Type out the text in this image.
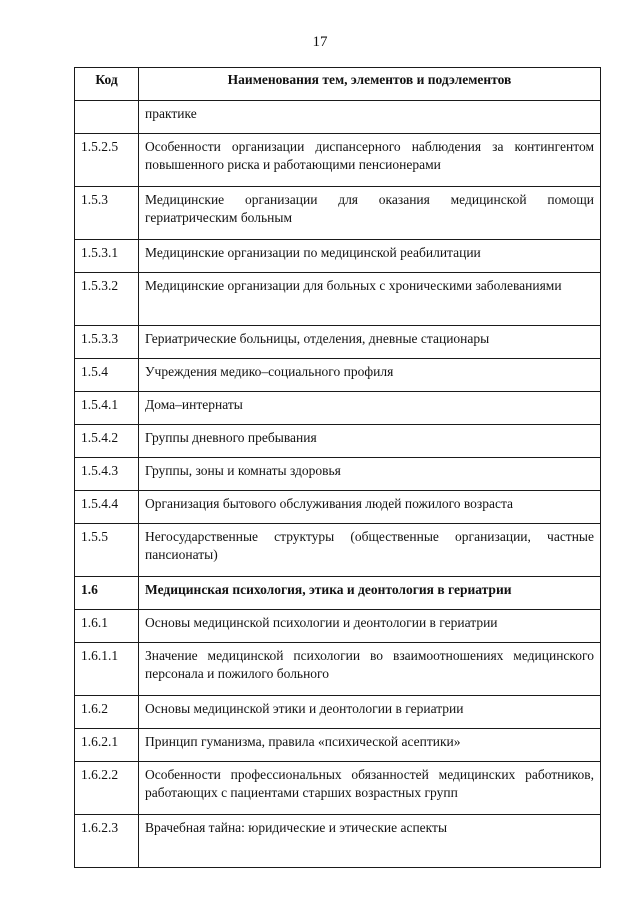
17
Код	Наименования тем, элементов и подэлементов
	практике
1.5.2.5	Особенности организации диспансерного наблюдения за контингентом повышенного риска и работающими пенсионерами
1.5.3	Медицинские организации для оказания медицинской помощи гериатрическим больным
1.5.3.1	Медицинские организации по медицинской реабилитации
1.5.3.2	Медицинские организации для больных с хроническими заболеваниями
1.5.3.3	Гериатрические больницы, отделения, дневные стационары
1.5.4	Учреждения медико–социального профиля
1.5.4.1	Дома–интернаты
1.5.4.2	Группы дневного пребывания
1.5.4.3	Группы, зоны и комнаты здоровья
1.5.4.4	Организация бытового обслуживания людей пожилого возраста
1.5.5	Негосударственные структуры (общественные организации, частные пансионаты)
1.6	Медицинская психология, этика и деонтология в гериатрии
1.6.1	Основы медицинской психологии и деонтологии в гериатрии
1.6.1.1	Значение медицинской психологии во взаимоотношениях медицинского персонала и пожилого больного
1.6.2	Основы медицинской этики и деонтологии в гериатрии
1.6.2.1	Принцип гуманизма, правила «психической асептики»
1.6.2.2	Особенности профессиональных обязанностей медицинских работников, работающих с пациентами старших возрастных групп
1.6.2.3	Врачебная тайна: юридические и этические аспекты
